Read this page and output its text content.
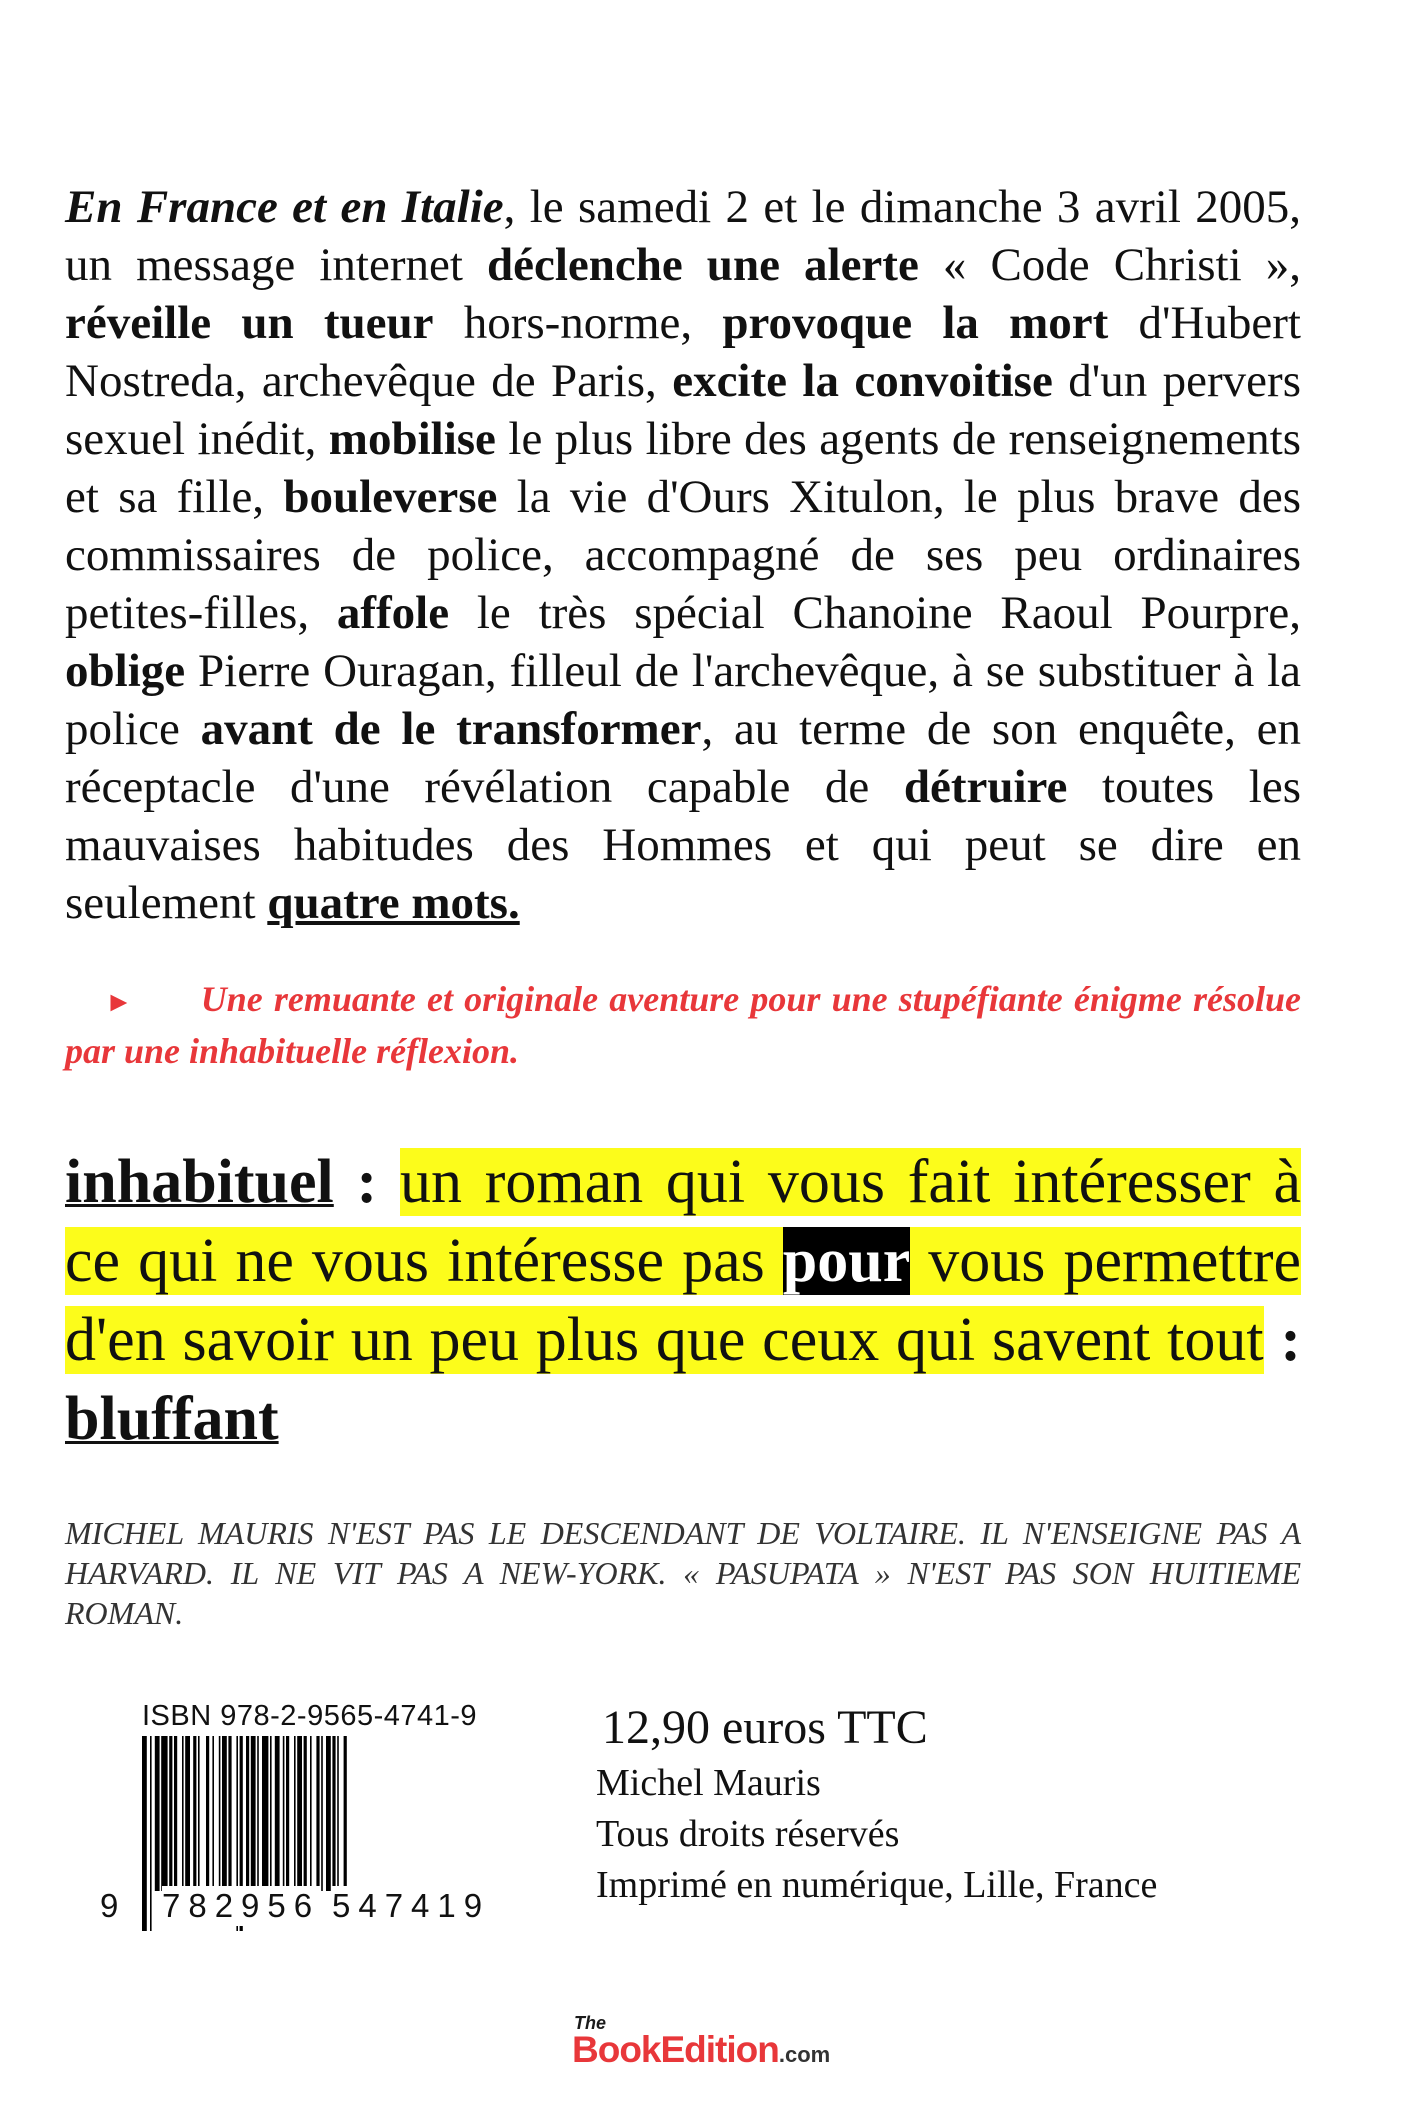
En France et en Italie, le samedi 2 et le dimanche 3 avril 2005, un message internet déclenche une alerte « Code Christi », réveille un tueur hors-norme, provoque la mort d'Hubert Nostreda, archevêque de Paris, excite la convoitise d'un pervers sexuel inédit, mobilise le plus libre des agents de renseignements et sa fille, bouleverse la vie d'Ours Xitulon, le plus brave des commissaires de police, accompagné de ses peu ordinaires petites-filles, affole le très spécial Chanoine Raoul Pourpre, oblige Pierre Ouragan, filleul de l'archevêque, à se substituer à la police avant de le transformer, au terme de son enquête, en réceptacle d'une révélation capable de détruire toutes les mauvaises habitudes des Hommes et qui peut se dire en seulement quatre mots.
► Une remuante et originale aventure pour une stupéfiante énigme résolue par une inhabituelle réflexion.
inhabituel : un roman qui vous fait intéresser à ce qui ne vous intéresse pas pour vous permettre d'en savoir un peu plus que ceux qui savent tout : bluffant
MICHEL MAURIS N'EST PAS LE DESCENDANT DE VOLTAIRE. IL N'ENSEIGNE PAS A HARVARD. IL NE VIT PAS A NEW-YORK. « PASUPATA » N'EST PAS SON HUITIEME ROMAN.
ISBN 978-2-9565-4741-9
9 782956 547419
12,90 euros TTC
Michel Mauris
Tous droits réservés
Imprimé en numérique, Lille, France
The
BookEdition.com
